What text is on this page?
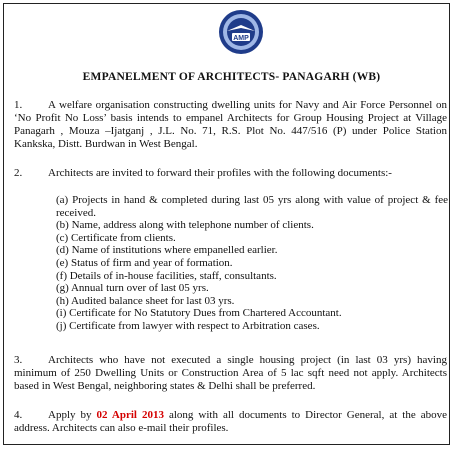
AMP
EMPANELMENT OF ARCHITECTS- PANAGARH (WB)

1. A welfare organisation constructing dwelling units for Navy and Air Force Personnel on ‘No Profit No Loss’ basis intends to empanel Architects for Group Housing Project at Village Panagarh , Mouza –Ijatganj , J.L. No. 71, R.S. Plot No. 447/516 (P) under Police Station Kankska, Distt. Burdwan in West Bengal.

2. Architects are invited to forward their profiles with the following documents:-

(a) Projects in hand & completed during last 05 yrs along with value of project & fee received.
(b) Name, address along with telephone number of clients.
(c) Certificate from clients.
(d) Name of institutions where empanelled earlier.
(e) Status of firm and year of formation.
(f) Details of in-house facilities, staff, consultants.
(g) Annual turn over of last 05 yrs.
(h) Audited balance sheet for last 03 yrs.
(i) Certificate for No Statutory Dues from Chartered Accountant.
(j) Certificate from lawyer with respect to Arbitration cases.

3. Architects who have not executed a single housing project (in last 03 yrs) having minimum of 250 Dwelling Units or Construction Area of 5 lac sqft need not apply. Architects based in West Bengal, neighboring states & Delhi shall be preferred.

4. Apply by 02 April 2013 along with all documents to Director General, at the above address. Architects can also e-mail their profiles.
